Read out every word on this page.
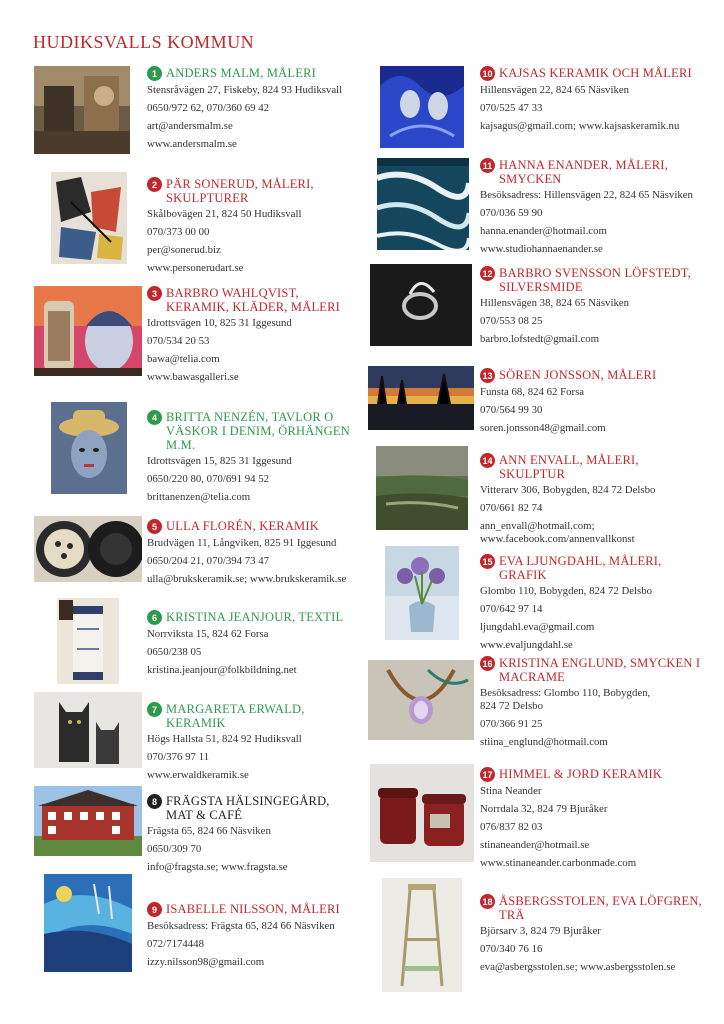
HUDIKSVALLS KOMMUN
1 ANDERS MALM, MÅLERI
Stensråvägen 27, Fiskeby, 824 93 Hudiksvall
0650/972 62, 070/360 69 42
art@andersmalm.se
www.andersmalm.se
2 PÄR SONERUD, MÅLERI, SKULPTURER
Skålbovägen 21, 824 50 Hudiksvall
070/373 00 00
per@sonerud.biz
www.personerudart.se
3 BARBRO WAHLQVIST, KERAMIK, KLÄDER, MÅLERI
Idrottsvägen 10, 825 31 Iggesund
070/534 20 53
bawa@telia.com
www.bawasgalleri.se
4 BRITTA NENZÉN, TAVLOR O VÄSKOR I DENIM, ÖRHÄNGEN M.M.
Idrottsvägen 15, 825 31 Iggesund
0650/220 80, 070/691 94 52
brittanenzen@telia.com
5 ULLA FLORÉN, KERAMIK
Brudvägen 11, Långviken, 825 91 Iggesund
0650/204 21, 070/394 73 47
ulla@brukskeramik.se; www.brukskeramik.se
6 KRISTINA JEANJOUR, TEXTIL
Norrviksta 15, 824 62 Forsa
0650/238 05
kristina.jeanjour@folkbildning.net
7 MARGARETA ERWALD, KERAMIK
Högs Hallsta 51, 824 92 Hudiksvall
070/376 97 11
www.erwaldkeramik.se
8 FRÄGSTA HÄLSINGEGÅRD, MAT & CAFÉ
Frägsta 65, 824 66 Näsviken
0650/309 70
info@fragsta.se; www.fragsta.se
9 ISABELLE NILSSON, MÅLERI
Besöksadress: Frägsta 65, 824 66 Näsviken
072/7174448
izzy.nilsson98@gmail.com
10 KAJSAS KERAMIK OCH MÅLERI
Hillensvägen 22, 824 65 Näsviken
070/525 47 33
kajsagus@gmail.com; www.kajsaskeramik.nu
11 HANNA ENANDER, MÅLERI, SMYCKEN
Besöksadress: Hillensvägen 22, 824 65 Näsviken
070/036 59 90
hanna.enander@hotmail.com
www.studiohannaenander.se
12 BARBRO SVENSSON LÖFSTEDT, SILVERSMIDE
Hillensvägen 38, 824 65 Näsviken
070/553 08 25
barbro.lofstedt@gmail.com
13 SÖREN JONSSON, MÅLERI
Funsta 68, 824 62 Forsa
070/564 99 30
soren.jonsson48@gmail.com
14 ANN ENVALL, MÅLERI, SKULPTUR
Vitterarv 306, Bobygden, 824 72 Delsbo
070/661 82 74
ann_envall@hotmail.com; www.facebook.com/annenvallkonst
15 EVA LJUNGDAHL, MÅLERI, GRAFIK
Glombo 110, Bobygden, 824 72 Delsbo
070/642 97 14
ljungdahl.eva@gmail.com
www.evaljungdahl.se
16 KRISTINA ENGLUND, SMYCKEN I MACRAME
Besöksadress: Glombo 110, Bobygden, 824 72 Delsbo
070/366 91 25
stiina_englund@hotmail.com
17 HIMMEL & JORD KERAMIK
Stina Neander
Norrdala 32, 824 79 Bjuråker
076/837 82 03
stinaneander@hotmail.se
www.stinaneander.carbonmade.com
18 ÅSBERGSSTOLEN, EVA LÖFGREN, TRÄ
Björsarv 3, 824 79 Bjuråker
070/340 76 16
eva@asbergsstolen.se; www.asbergsstolen.se
